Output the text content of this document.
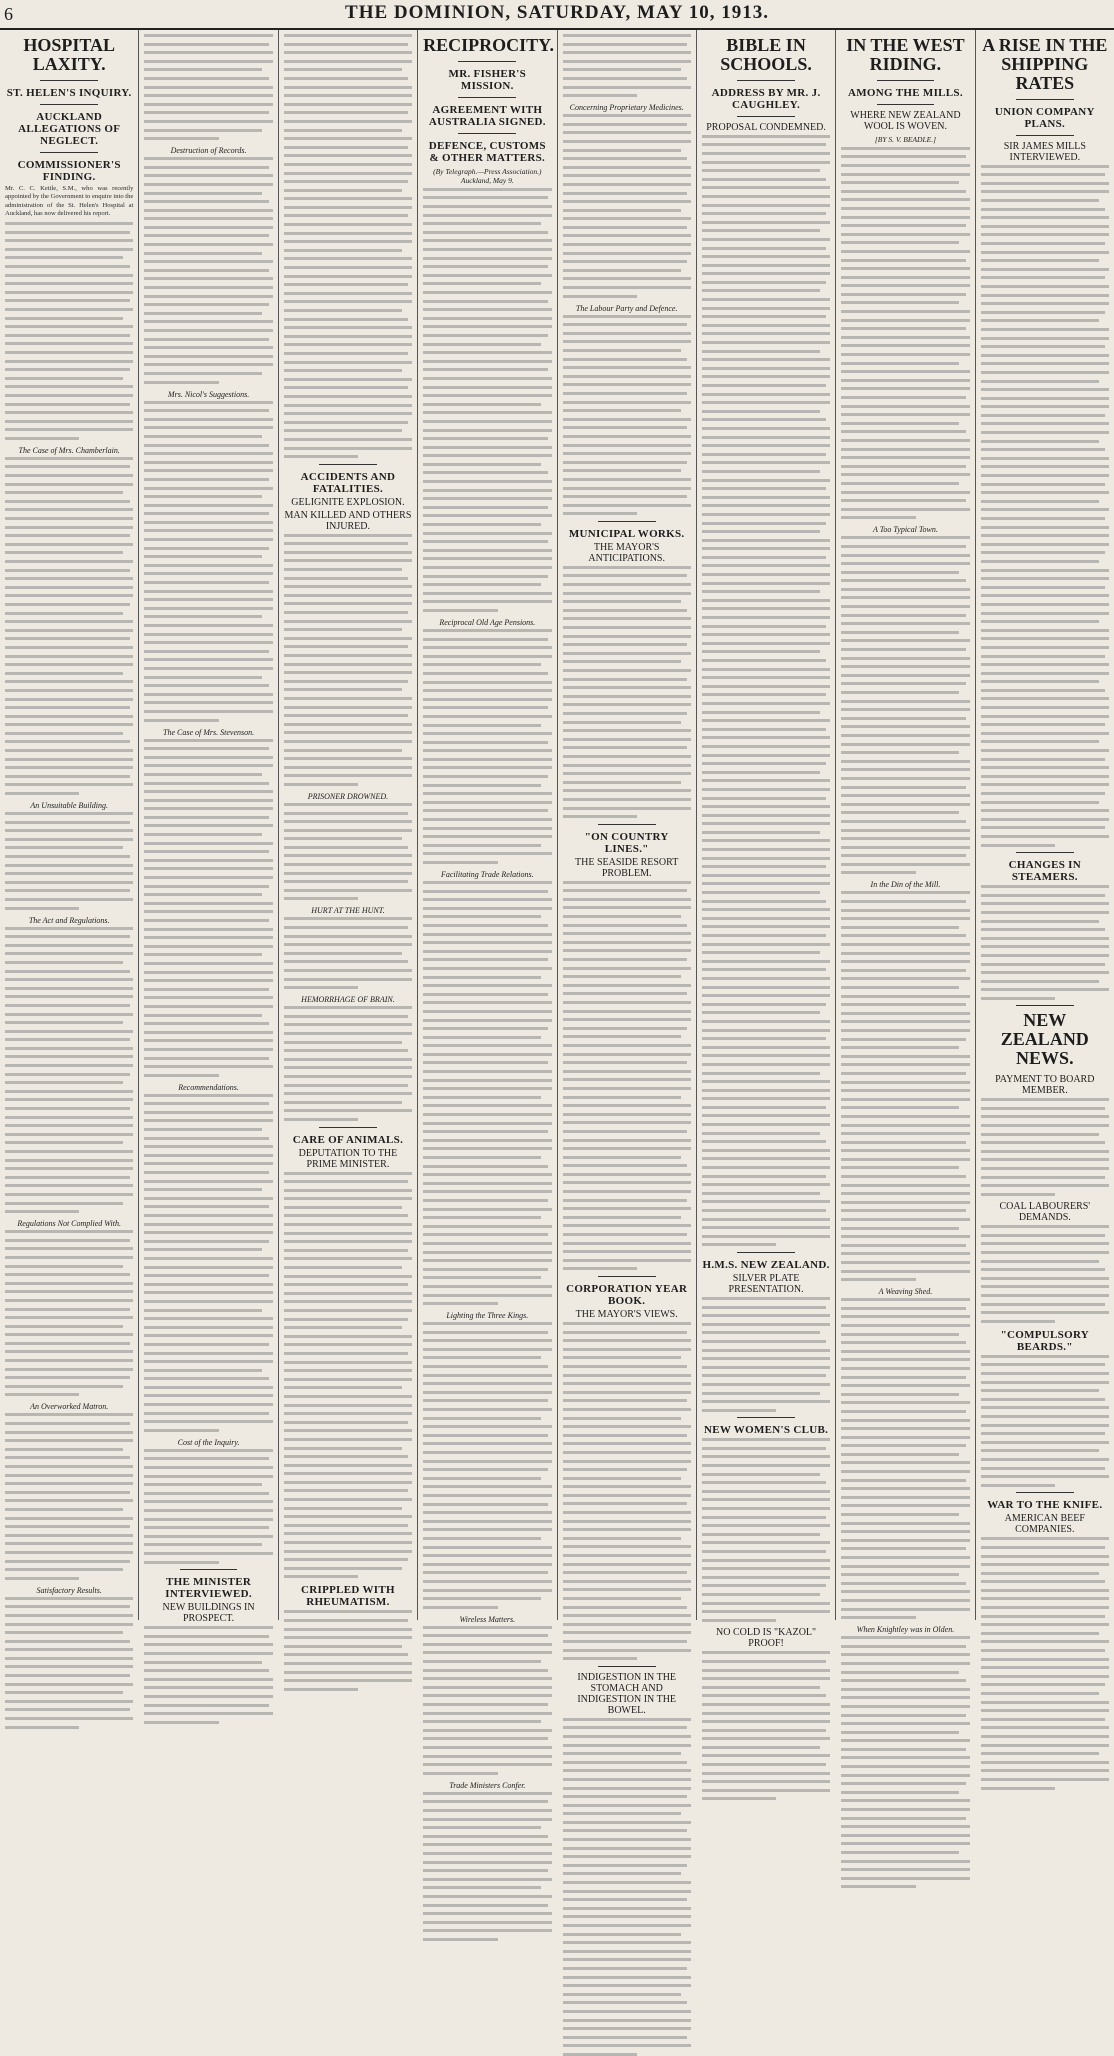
6	THE DOMINION, SATURDAY, MAY 10, 1913.
HOSPITAL LAXITY.
ST. HELEN'S INQUIRY.
AUCKLAND ALLEGATIONS OF NEGLECT.
COMMISSIONER'S FINDING.

Mr. C. C. Kettle, S.M., who was recently appointed by the Government to enquire into the administration of the St. Helen's Hospital at Auckland, has now delivered his report.

The Case of Mrs. Chamberlain.
An Unsuitable Building.
The Act and Regulations.
Regulations Not Complied With.
An Overworked Matron.
Satisfactory Results.
Destruction of Records.
Mrs. Nicol's Suggestions.
The Case of Mrs. Stevenson.
Recommendations.
Cost of the Inquiry.
THE MINISTER INTERVIEWED.
NEW BUILDINGS IN PROSPECT.
ACCIDENTS AND FATALITIES.
GELIGNITE EXPLOSION.
MAN KILLED AND OTHERS INJURED.
PRISONER DROWNED.
HURT AT THE HUNT.
HEMORRHAGE OF BRAIN.
CARE OF ANIMALS.
DEPUTATION TO THE PRIME MINISTER.
CRIPPLED WITH RHEUMATISM.
RECIPROCITY.
MR. FISHER'S MISSION.
AGREEMENT WITH AUSTRALIA SIGNED.
DEFENCE, CUSTOMS & OTHER MATTERS.
(By Telegraph.—Press Association.) Auckland, May 9.
Reciprocal Old Age Pensions.
Facilitating Trade Relations.
Lighting the Three Kings.
Wireless Matters.
Trade Ministers Confer.
Concerning Proprietary Medicines.
The Labour Party and Defence.
MUNICIPAL WORKS.
THE MAYOR'S ANTICIPATIONS.
"ON COUNTRY LINES."
THE SEASIDE RESORT PROBLEM.
CORPORATION YEAR BOOK.
THE MAYOR'S VIEWS.
INDIGESTION IN THE STOMACH AND INDIGESTION IN THE BOWEL.
BIBLE IN SCHOOLS.
ADDRESS BY MR. J. CAUGHLEY.
PROPOSAL CONDEMNED.
H.M.S. NEW ZEALAND.
SILVER PLATE PRESENTATION.
NEW WOMEN'S CLUB.
NO COLD IS "KAZOL" PROOF!
IN THE WEST RIDING.
AMONG THE MILLS.
WHERE NEW ZEALAND WOOL IS WOVEN.
[BY S. V. BEADLE.]
A Too Typical Town.
In the Din of the Mill.
A Weaving Shed.
When Knightley was in Olden.
A RISE IN THE SHIPPING RATES
UNION COMPANY PLANS.
SIR JAMES MILLS INTERVIEWED.
CHANGES IN STEAMERS.
NEW ZEALAND NEWS.
PAYMENT TO BOARD MEMBER.
COAL LABOURERS' DEMANDS.
"COMPULSORY BEARDS."
WAR TO THE KNIFE.
AMERICAN BEEF COMPANIES.
